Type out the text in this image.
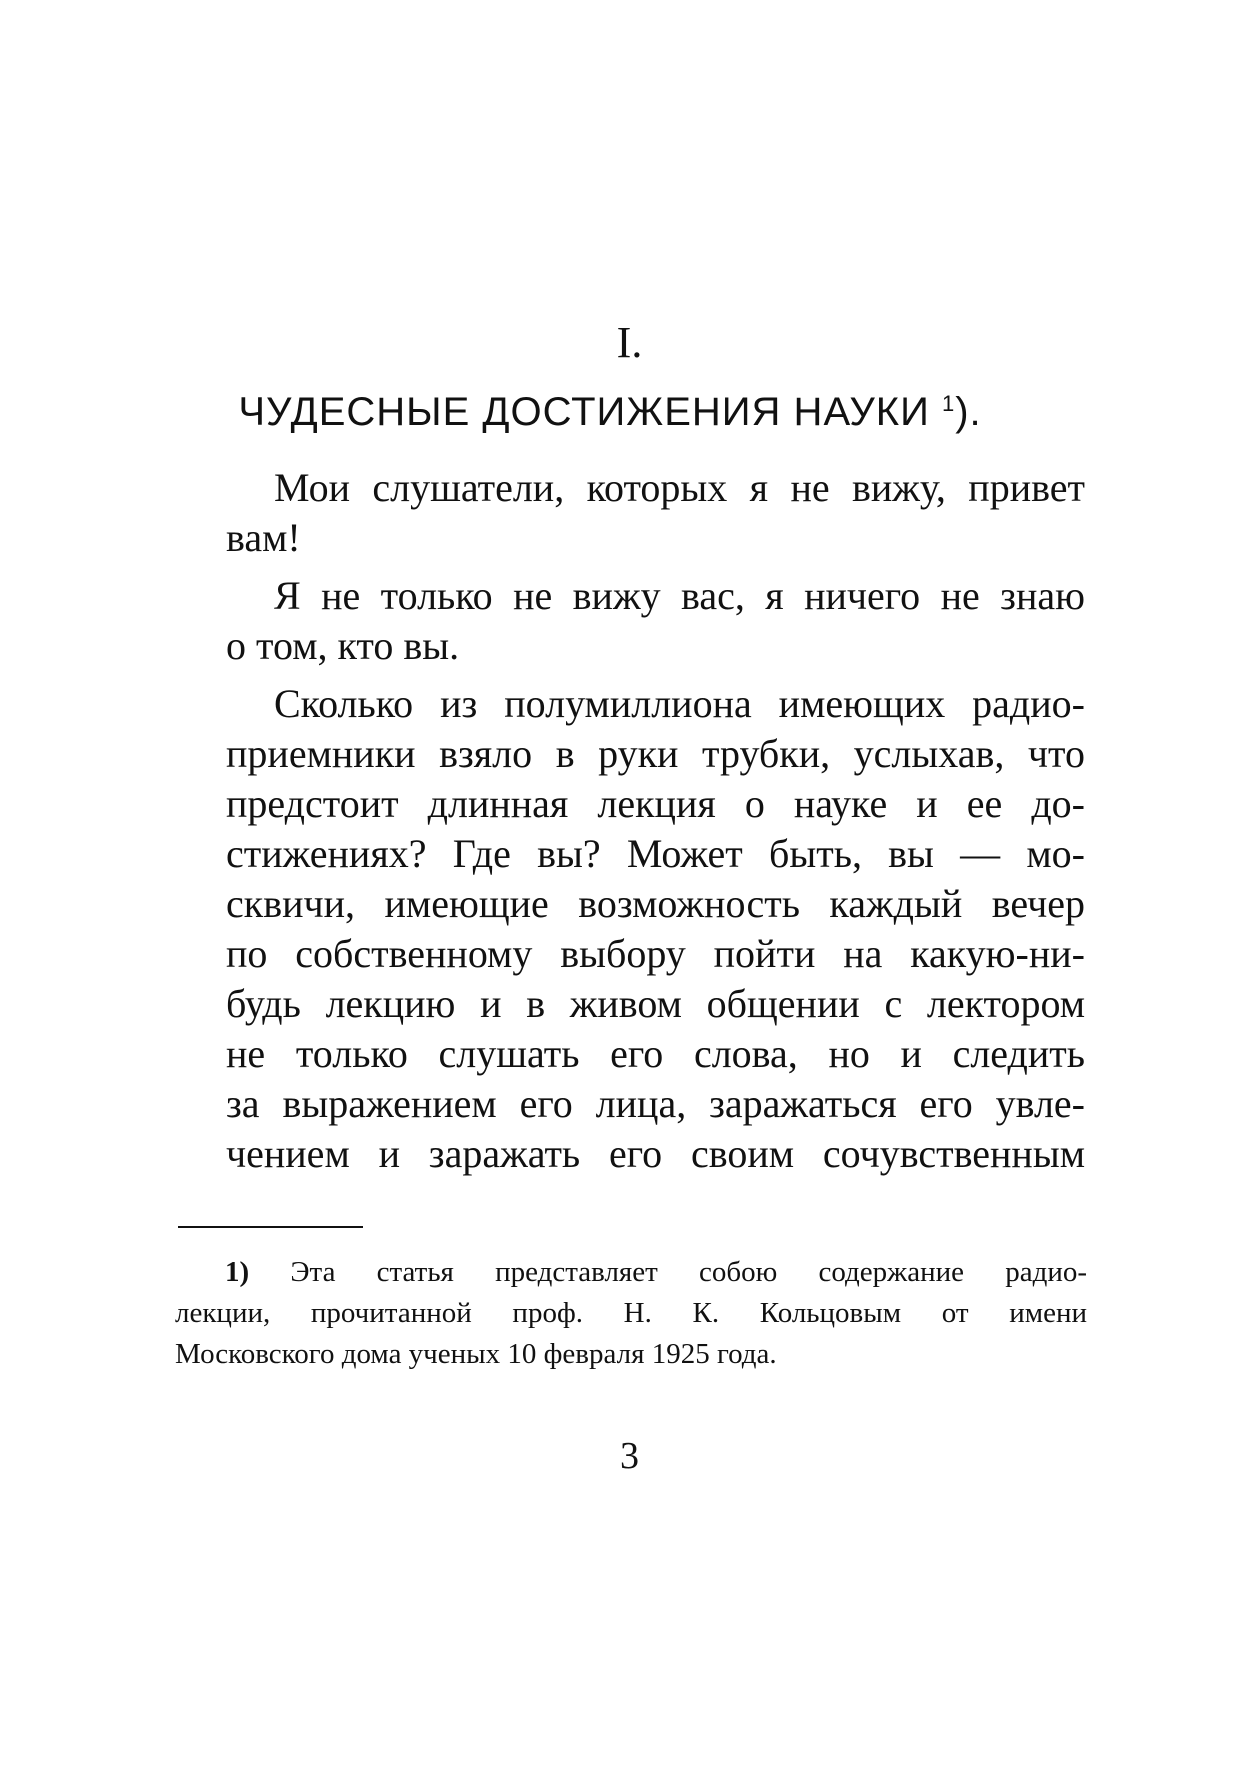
I.
ЧУДЕСНЫЕ ДОСТИЖЕНИЯ НАУКИ $^1$).
Мои слушатели, которых я не вижу, привет
вам!
Я не только не вижу вас, я ничего не знаю
о том, кто вы.
Сколько из полумиллиона имеющих радио-
приемники взяло в руки трубки, услыхав, что
предстоит длинная лекция о науке и ее до-
стижениях? Где вы? Может быть, вы — мо-
сквичи, имеющие возможность каждый вечер
по собственному выбору пойти на какую-ни-
будь лекцию и в живом общении с лектором
не только слушать его слова, но и следить
за выражением его лица, заражаться его увле-
чением и заражать его своим сочувственным
1) Эта статья представляет собою содержание радио-
лекции, прочитанной проф. Н. К. Кольцовым от имени
Московского дома ученых 10 февраля 1925 года.
3
